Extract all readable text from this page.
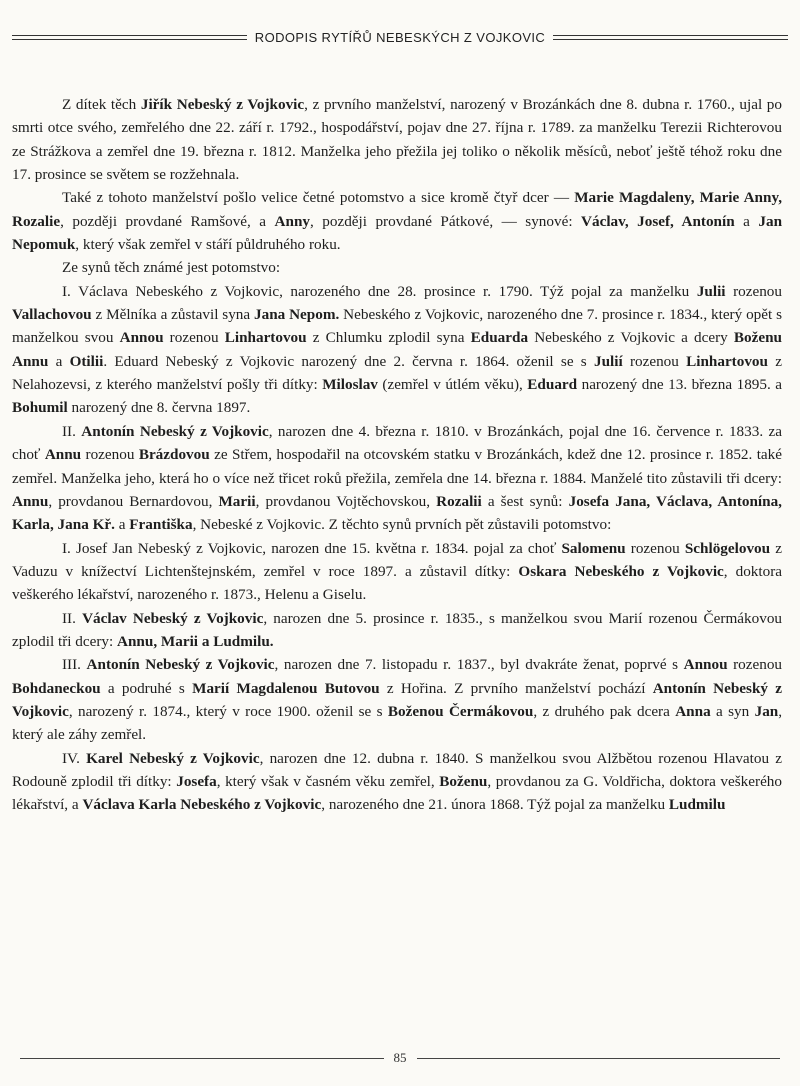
RODOPIS RYTÍŘŮ NEBESKÝCH Z VOJKOVIC

Z dítek těch Jiřík Nebeský z Vojkovic, z prvního manželství, narozený v Brozánkách dne 8. dubna r. 1760., ujal po smrti otce svého, zemřelého dne 22. září r. 1792., hospodářství, pojav dne 27. října r. 1789. za manželku Terezii Richterovou ze Strážkova a zemřel dne 19. března r. 1812. Manželka jeho přežila jej toliko o několik měsíců, neboť ještě téhož roku dne 17. prosince se světem se rozžehnala.

Také z tohoto manželství pošlo velice četné potomstvo a sice kromě čtyř dcer — Marie Magdaleny, Marie Anny, Rozalie, později provdané Ramšové, a Anny, později provdané Pátkové, — synové: Václav, Josef, Antonín a Jan Nepomuk, který však zemřel v stáří půldruhého roku.

Ze synů těch známé jest potomstvo:

I. Václava Nebeského z Vojkovic, narozeného dne 28. prosince r. 1790. Týž pojal za manželku Julii rozenou Vallachovou z Mělníka a zůstavil syna Jana Nepom. Nebeského z Vojkovic, narozeného dne 7. prosince r. 1834., který opět s manželkou svou Annou rozenou Linhartovou z Chlumku zplodil syna Eduarda Nebeského z Vojkovic a dcery Boženu Annu a Otilii. Eduard Nebeský z Vojkovic narozený dne 2. června r. 1864. oženil se s Julií rozenou Linhartovou z Nelahozevsi, z kterého manželství pošly tři dítky: Miloslav (zemřel v útlém věku), Eduard narozený dne 13. března 1895. a Bohumil narozený dne 8. června 1897.

II. Antonín Nebeský z Vojkovic, narozen dne 4. března r. 1810. v Brozánkách, pojal dne 16. července r. 1833. za choť Annu rozenou Brázdovou ze Střem, hospodařil na otcovském statku v Brozánkách, kdež dne 12. prosince r. 1852. také zemřel. Manželka jeho, která ho o více než třicet roků přežila, zemřela dne 14. března r. 1884. Manželé tito zůstavili tři dcery: Annu, provdanou Bernardovou, Marii, provdanou Vojtěchovskou, Rozalii a šest synů: Josefa Jana, Václava, Antonína, Karla, Jana Kř. a Františka, Nebeské z Vojkovic. Z těchto synů prvních pět zůstavili potomstvo:

I. Josef Jan Nebeský z Vojkovic, narozen dne 15. května r. 1834. pojal za choť Salomenu rozenou Schlögelovou z Vaduzu v knížectví Lichtenštejnském, zemřel v roce 1897. a zůstavil dítky: Oskara Nebeského z Vojkovic, doktora veškerého lékařství, narozeného r. 1873., Helenu a Giselu.

II. Václav Nebeský z Vojkovic, narozen dne 5. prosince r. 1835., s manželkou svou Marií rozenou Čermákovou zplodil tři dcery: Annu, Marii a Ludmilu.

III. Antonín Nebeský z Vojkovic, narozen dne 7. listopadu r. 1837., byl dvakráte ženat, poprvé s Annou rozenou Bohdaneckou a podruhé s Marií Magdalenou Butovou z Hořina. Z prvního manželství pochází Antonín Nebeský z Vojkovic, narozený r. 1874., který v roce 1900. oženil se s Boženou Čermákovou, z druhého pak dcera Anna a syn Jan, který ale záhy zemřel.

IV. Karel Nebeský z Vojkovic, narozen dne 12. dubna r. 1840. S manželkou svou Alžbětou rozenou Hlavatou z Rodouně zplodil tři dítky: Josefa, který však v časném věku zemřel, Boženu, provdanou za G. Voldřicha, doktora veškerého lékařství, a Václava Karla Nebeského z Vojkovic, narozeného dne 21. února 1868. Týž pojal za manželku Ludmilu

85
